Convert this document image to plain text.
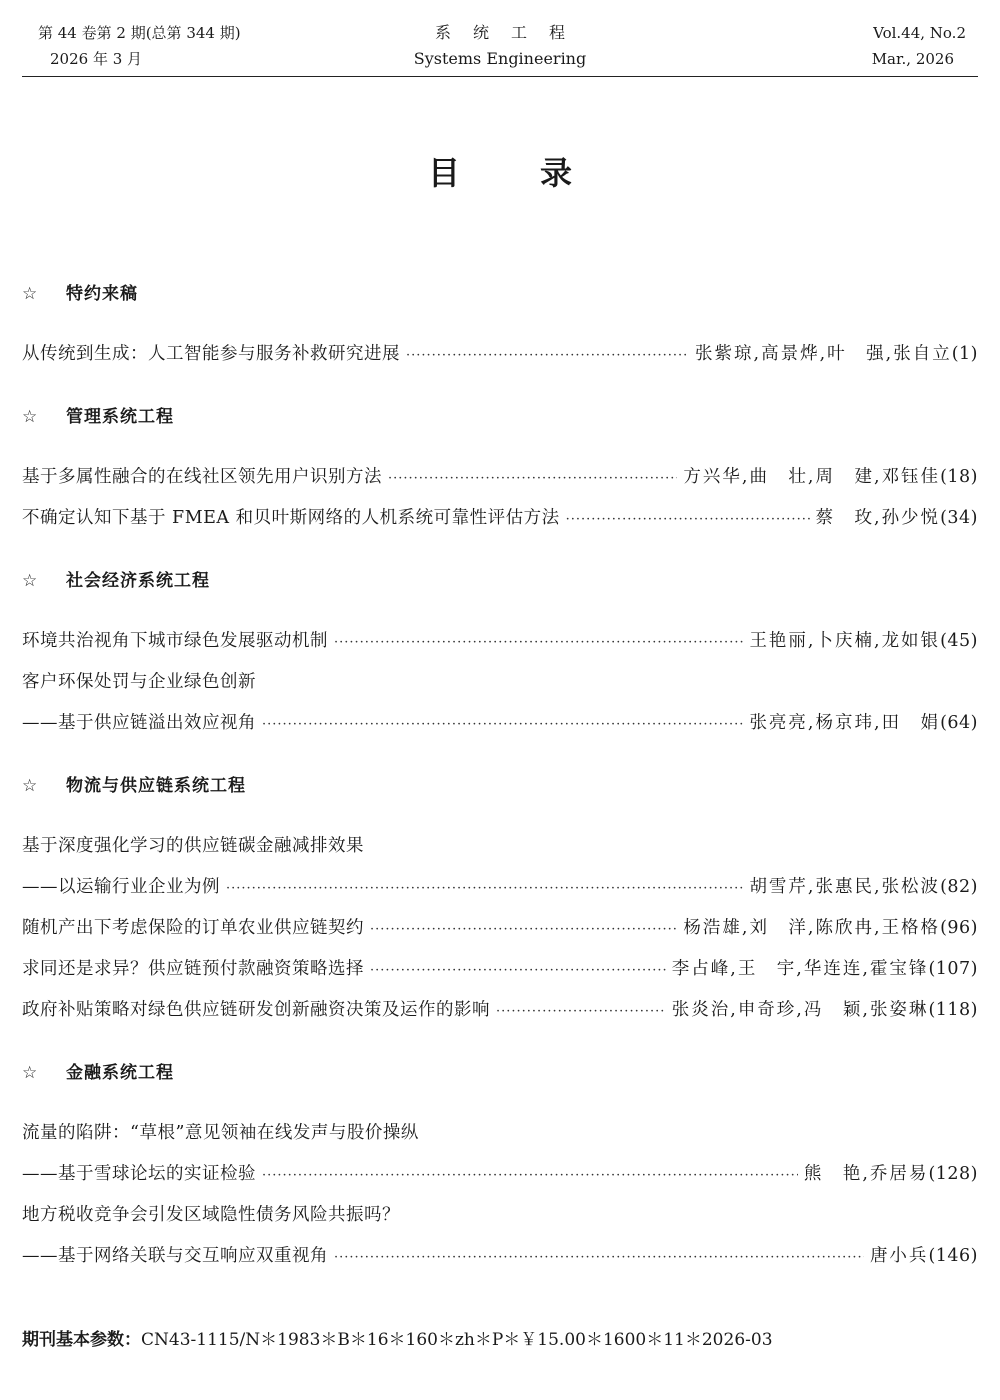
第 44 卷第 2 期(总第 344 期)
2026 年 3 月
系统工程
Systems Engineering
Vol.44, No.2
Mar., 2026
目录
☆ 特约来稿
从传统到生成：人工智能参与服务补救研究进展 ·····	张紫琼,高景烨,叶　强,张自立(1)
☆ 管理系统工程
基于多属性融合的在线社区领先用户识别方法 ·····	方兴华,曲　壮,周　建,邓钰佳(18)
不确定认知下基于 FMEA 和贝叶斯网络的人机系统可靠性评估方法 ·····	蔡　玫,孙少悦(34)
☆ 社会经济系统工程
环境共治视角下城市绿色发展驱动机制 ·····	王艳丽,卜庆楠,龙如银(45)
客户环保处罚与企业绿色创新
——基于供应链溢出效应视角 ·····	张亮亮,杨京玮,田　娟(64)
☆ 物流与供应链系统工程
基于深度强化学习的供应链碳金融减排效果
——以运输行业企业为例 ·····	胡雪芹,张惠民,张松波(82)
随机产出下考虑保险的订单农业供应链契约 ·····	杨浩雄,刘　洋,陈欣冉,王格格(96)
求同还是求异？供应链预付款融资策略选择 ·····	李占峰,王　宇,华连连,霍宝锋(107)
政府补贴策略对绿色供应链研发创新融资决策及运作的影响 ·····	张炎治,申奇珍,冯　颖,张姿琳(118)
☆ 金融系统工程
流量的陷阱：“草根”意见领袖在线发声与股价操纵
——基于雪球论坛的实证检验 ·····	熊　艳,乔居易(128)
地方税收竞争会引发区域隐性债务风险共振吗？
——基于网络关联与交互响应双重视角 ·····	唐小兵(146)
期刊基本参数：CN43-1115/N＊1983＊B＊16＊160＊zh＊P＊￥15.00＊1600＊11＊2026-03
